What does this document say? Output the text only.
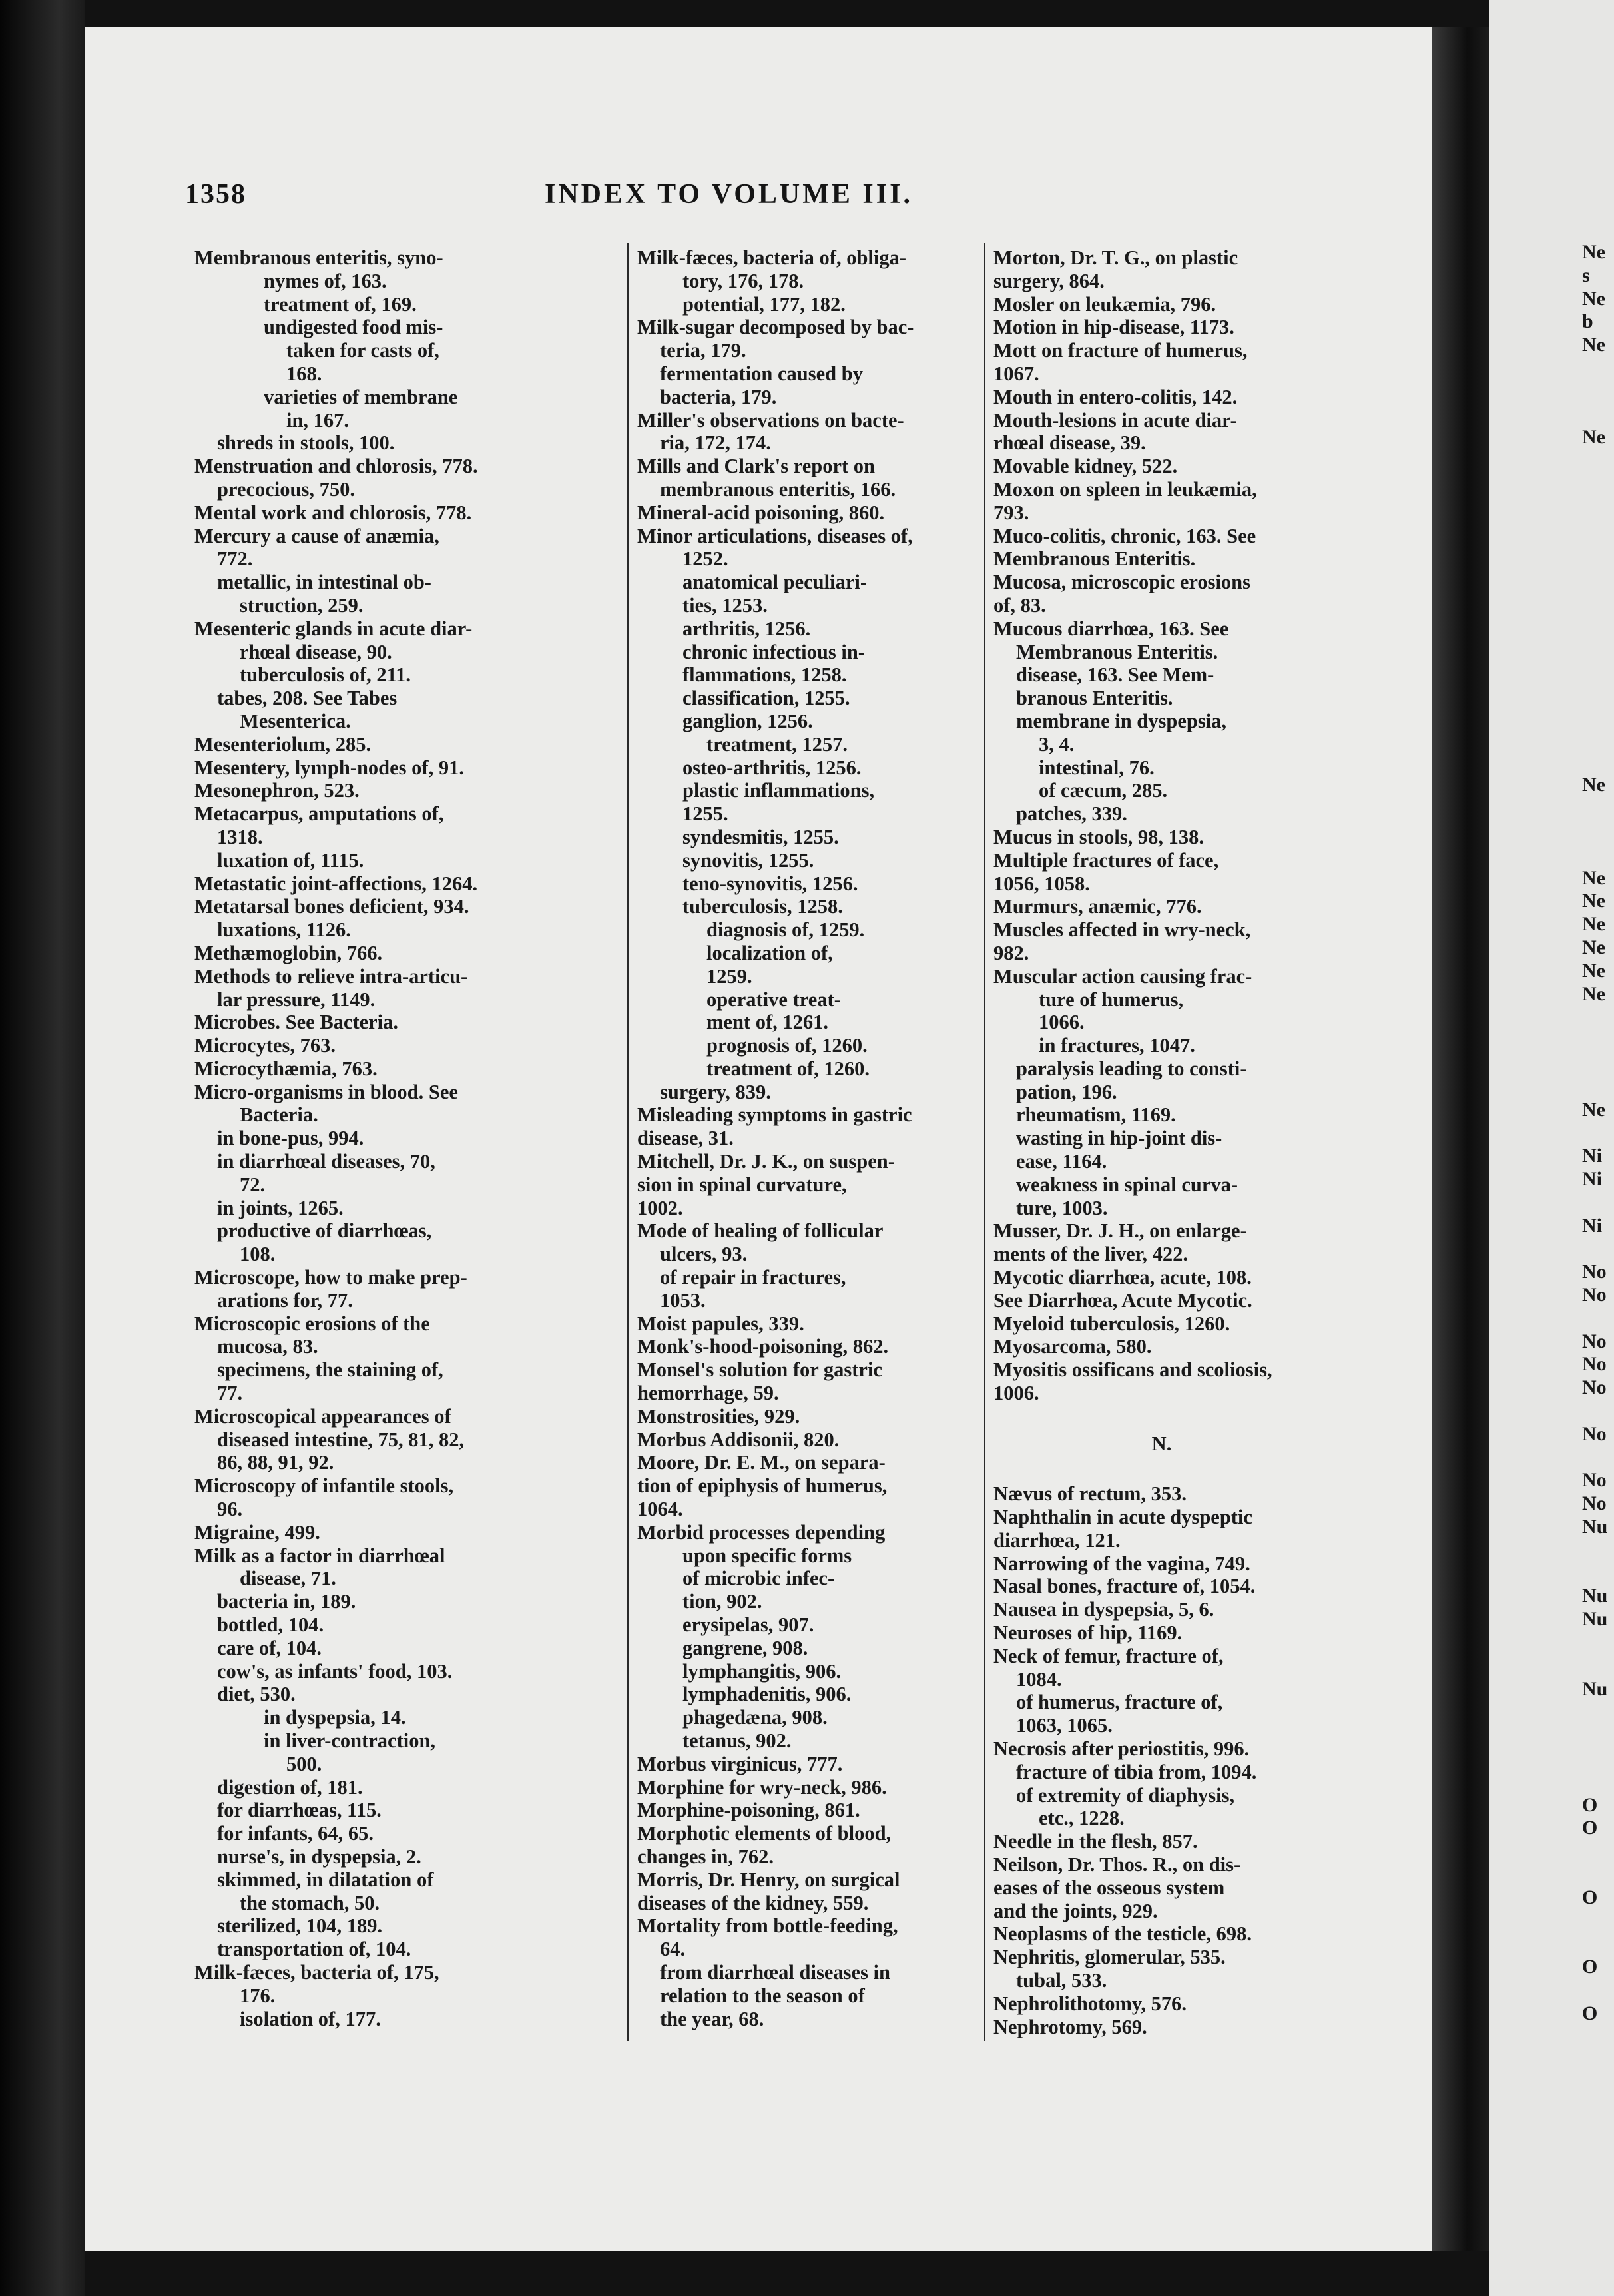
1358	INDEX TO VOLUME III.
Membranous enteritis, syno-
nymes of, 163.
treatment of, 169.
undigested food mis-
taken for casts of,
168.
varieties of membrane
in, 167.
shreds in stools, 100.
Menstruation and chlorosis, 778.
precocious, 750.
Mental work and chlorosis, 778.
Mercury a cause of anæmia,
772.
metallic, in intestinal ob-
struction, 259.
Mesenteric glands in acute diar-
rhœal disease, 90.
tuberculosis of, 211.
tabes, 208. See Tabes
Mesenterica.
Mesenteriolum, 285.
Mesentery, lymph-nodes of, 91.
Mesonephron, 523.
Metacarpus, amputations of,
1318.
luxation of, 1115.
Metastatic joint-affections, 1264.
Metatarsal bones deficient, 934.
luxations, 1126.
Methæmoglobin, 766.
Methods to relieve intra-articu-
lar pressure, 1149.
Microbes. See Bacteria.
Microcytes, 763.
Microcythæmia, 763.
Micro-organisms in blood. See
Bacteria.
in bone-pus, 994.
in diarrhœal diseases, 70,
72.
in joints, 1265.
productive of diarrhœas,
108.
Microscope, how to make prep-
arations for, 77.
Microscopic erosions of the
mucosa, 83.
specimens, the staining of,
77.
Microscopical appearances of
diseased intestine, 75, 81, 82,
86, 88, 91, 92.
Microscopy of infantile stools,
96.
Migraine, 499.
Milk as a factor in diarrhœal
disease, 71.
bacteria in, 189.
bottled, 104.
care of, 104.
cow's, as infants' food, 103.
diet, 530.
in dyspepsia, 14.
in liver-contraction,
500.
digestion of, 181.
for diarrhœas, 115.
for infants, 64, 65.
nurse's, in dyspepsia, 2.
skimmed, in dilatation of
the stomach, 50.
sterilized, 104, 189.
transportation of, 104.
Milk-fæces, bacteria of, 175,
176.
isolation of, 177.
Milk-fæces, bacteria of, obliga-
tory, 176, 178.
potential, 177, 182.
Milk-sugar decomposed by bac-
teria, 179.
fermentation caused by
bacteria, 179.
Miller's observations on bacte-
ria, 172, 174.
Mills and Clark's report on
membranous enteritis, 166.
Mineral-acid poisoning, 860.
Minor articulations, diseases of,
1252.
anatomical peculiari-
ties, 1253.
arthritis, 1256.
chronic infectious in-
flammations, 1258.
classification, 1255.
ganglion, 1256.
treatment, 1257.
osteo-arthritis, 1256.
plastic inflammations,
1255.
syndesmitis, 1255.
synovitis, 1255.
teno-synovitis, 1256.
tuberculosis, 1258.
diagnosis of, 1259.
localization of,
1259.
operative treat-
ment of, 1261.
prognosis of, 1260.
treatment of, 1260.
surgery, 839.
Misleading symptoms in gastric
disease, 31.
Mitchell, Dr. J. K., on suspen-
sion in spinal curvature,
1002.
Mode of healing of follicular
ulcers, 93.
of repair in fractures,
1053.
Moist papules, 339.
Monk's-hood-poisoning, 862.
Monsel's solution for gastric
hemorrhage, 59.
Monstrosities, 929.
Morbus Addisonii, 820.
Moore, Dr. E. M., on separa-
tion of epiphysis of humerus,
1064.
Morbid processes depending
upon specific forms
of microbic infec-
tion, 902.
erysipelas, 907.
gangrene, 908.
lymphangitis, 906.
lymphadenitis, 906.
phagedæna, 908.
tetanus, 902.
Morbus virginicus, 777.
Morphine for wry-neck, 986.
Morphine-poisoning, 861.
Morphotic elements of blood,
changes in, 762.
Morris, Dr. Henry, on surgical
diseases of the kidney, 559.
Mortality from bottle-feeding,
64.
from diarrhœal diseases in
relation to the season of
the year, 68.
Morton, Dr. T. G., on plastic
surgery, 864.
Mosler on leukæmia, 796.
Motion in hip-disease, 1173.
Mott on fracture of humerus,
1067.
Mouth in entero-colitis, 142.
Mouth-lesions in acute diar-
rhœal disease, 39.
Movable kidney, 522.
Moxon on spleen in leukæmia,
793.
Muco-colitis, chronic, 163. See
Membranous Enteritis.
Mucosa, microscopic erosions
of, 83.
Mucous diarrhœa, 163. See
Membranous Enteritis.
disease, 163. See Mem-
branous Enteritis.
membrane in dyspepsia,
3, 4.
intestinal, 76.
of cæcum, 285.
patches, 339.
Mucus in stools, 98, 138.
Multiple fractures of face,
1056, 1058.
Murmurs, anæmic, 776.
Muscles affected in wry-neck,
982.
Muscular action causing frac-
ture of humerus,
1066.
in fractures, 1047.
paralysis leading to consti-
pation, 196.
rheumatism, 1169.
wasting in hip-joint dis-
ease, 1164.
weakness in spinal curva-
ture, 1003.
Musser, Dr. J. H., on enlarge-
ments of the liver, 422.
Mycotic diarrhœa, acute, 108.
See Diarrhœa, Acute Mycotic.
Myeloid tuberculosis, 1260.
Myosarcoma, 580.
Myositis ossificans and scoliosis,
1006.
N.
Nævus of rectum, 353.
Naphthalin in acute dyspeptic
diarrhœa, 121.
Narrowing of the vagina, 749.
Nasal bones, fracture of, 1054.
Nausea in dyspepsia, 5, 6.
Neuroses of hip, 1169.
Neck of femur, fracture of,
1084.
of humerus, fracture of,
1063, 1065.
Necrosis after periostitis, 996.
fracture of tibia from, 1094.
of extremity of diaphysis,
etc., 1228.
Needle in the flesh, 857.
Neilson, Dr. Thos. R., on dis-
eases of the osseous system
and the joints, 929.
Neoplasms of the testicle, 698.
Nephritis, glomerular, 535.
tubal, 533.
Nephrolithotomy, 576.
Nephrotomy, 569.
Ne
s
Ne
b
Ne
Ne
Ne
Ne
Ne
Ne
Ne
Ne
Ne
Ne
Ni
Ni
Ni
No
No
No
No
No
No
No
No
Nu
Nu
Nu
Nu
O
O
O
O
O
